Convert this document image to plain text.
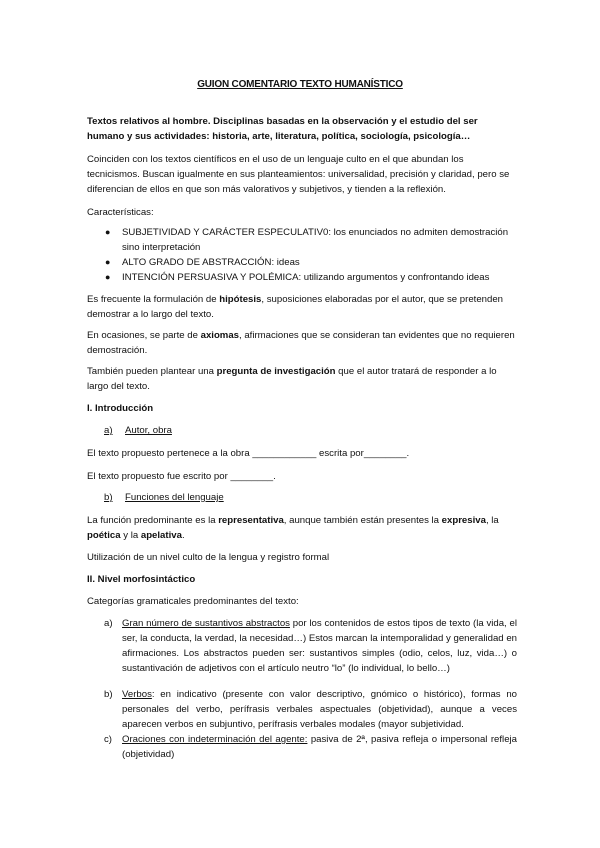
GUION COMENTARIO TEXTO HUMANÍSTICO

Textos relativos al hombre. Disciplinas basadas en la observación y el estudio del ser humano y sus actividades: historia, arte, literatura, política, sociología, psicología…

Coinciden con los textos científicos en el uso de un lenguaje culto en el que abundan los tecnicismos. Buscan igualmente en sus planteamientos: universalidad, precisión y claridad, pero se diferencian de ellos en que son más valorativos y subjetivos, y tienden a la reflexión.

Características:

● SUBJETIVIDAD Y CARÁCTER ESPECULATIV0: los enunciados no admiten demostración sino interpretación
● ALTO GRADO DE ABSTRACCIÓN: ideas
● INTENCIÓN PERSUASIVA Y POLÉMICA: utilizando argumentos y confrontando ideas

Es frecuente la formulación de hipótesis, suposiciones elaboradas por el autor, que se pretenden demostrar a lo largo del texto.

En ocasiones, se parte de axiomas, afirmaciones que se consideran tan evidentes que no requieren demostración.

También pueden plantear una pregunta de investigación que el autor tratará de responder a lo largo del texto.

I. Introducción

a) Autor, obra

El texto propuesto pertenece a la obra ____________ escrita por________.

El texto propuesto fue escrito por ________.

b) Funciones del lenguaje

La función predominante es la representativa, aunque también están presentes la expresiva, la poética y la apelativa.

Utilización de un nivel culto de la lengua y registro formal

II. Nivel morfosintáctico

Categorías gramaticales predominantes del texto:

a) Gran número de sustantivos abstractos por los contenidos de estos tipos de texto (la vida, el ser, la conducta, la verdad, la necesidad…) Estos marcan la intemporalidad y generalidad en afirmaciones. Los abstractos pueden ser: sustantivos simples (odio, celos, luz, vida…) o sustantivación de adjetivos con el artículo neutro “lo” (lo individual, lo bello…)
b) Verbos: en indicativo (presente con valor descriptivo, gnómico o histórico), formas no personales del verbo, perífrasis verbales aspectuales (objetividad), aunque a veces aparecen verbos en subjuntivo, perífrasis verbales modales (mayor subjetividad.
c) Oraciones con indeterminación del agente: pasiva de 2ª, pasiva refleja o impersonal refleja (objetividad)
